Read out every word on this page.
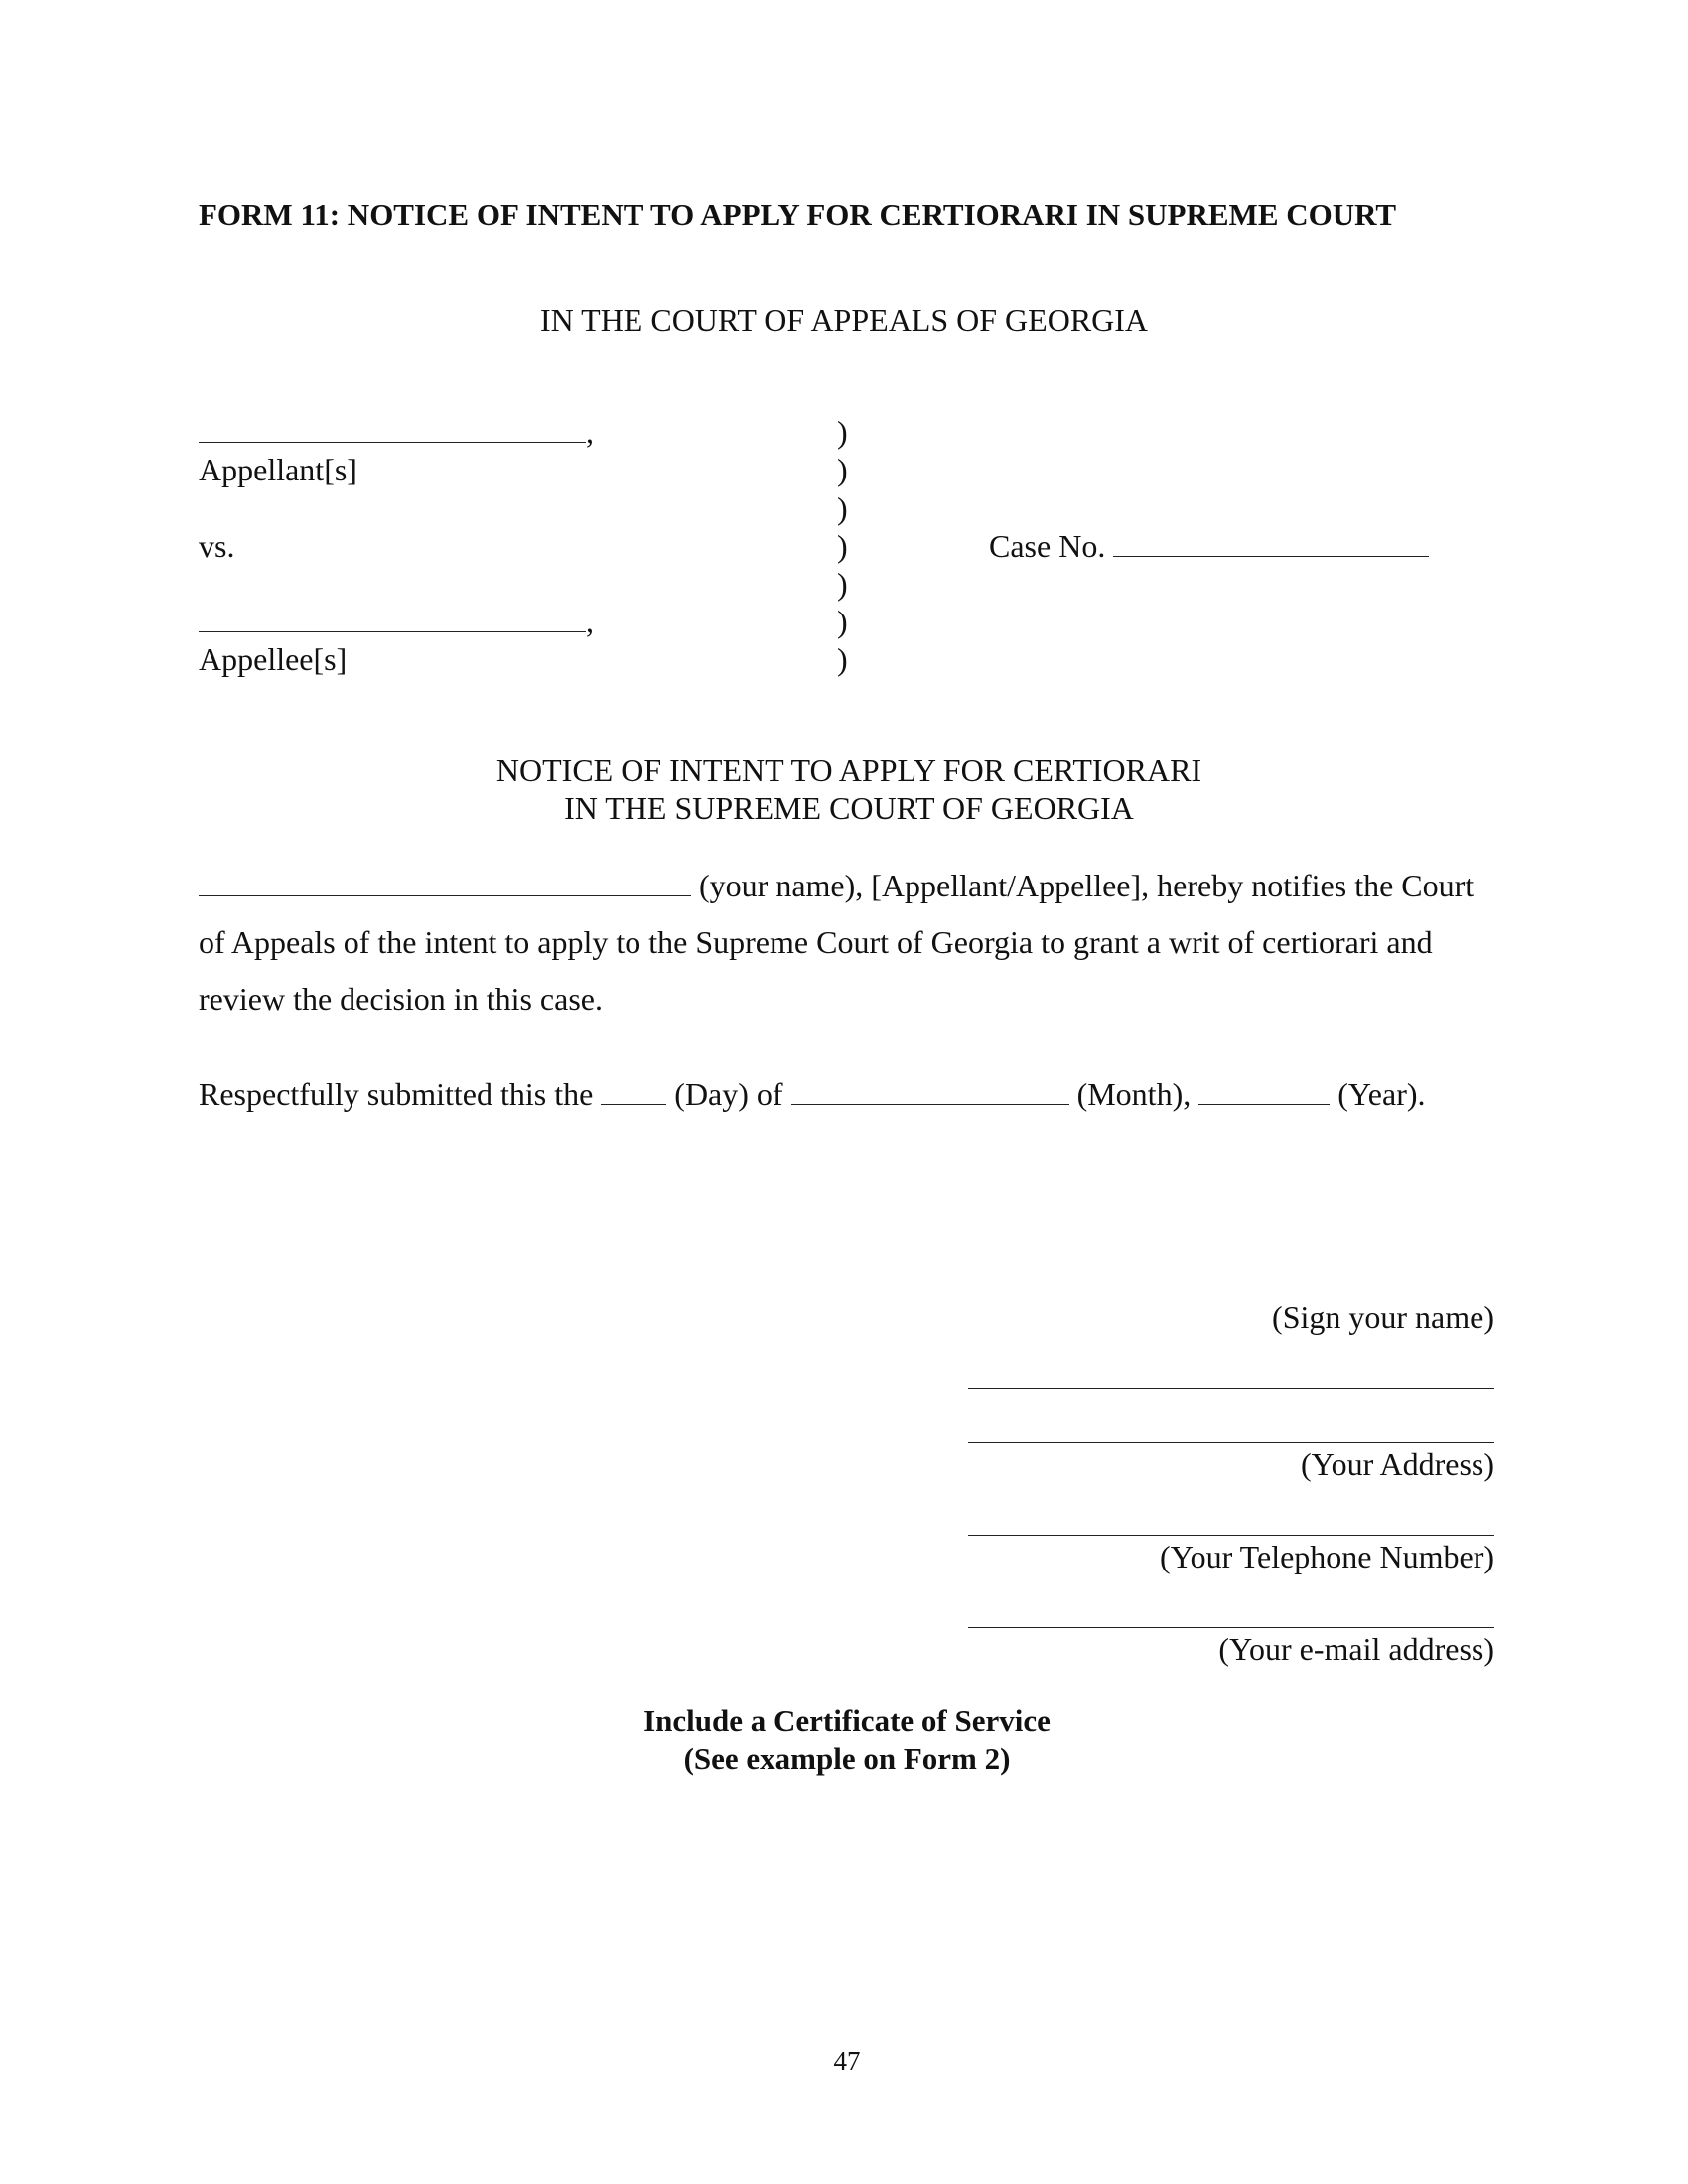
FORM 11: NOTICE OF INTENT TO APPLY FOR CERTIORARI IN SUPREME COURT
IN THE COURT OF APPEALS OF GEORGIA
,
Appellant[s]
vs.
,
Appellee[s]
)
)
)
)
)
)
)
Case No.
NOTICE OF INTENT TO APPLY FOR CERTIORARI
IN THE SUPREME COURT OF GEORGIA
(your name), [Appellant/Appellee], hereby notifies the Court
of Appeals of the intent to apply to the Supreme Court of Georgia to grant a writ of certiorari and
review the decision in this case.
Respectfully submitted this the	(Day) of	(Month),	(Year).
(Sign your name)
(Your Address)
(Your Telephone Number)
(Your e-mail address)
Include a Certificate of Service
(See example on Form 2)
47
